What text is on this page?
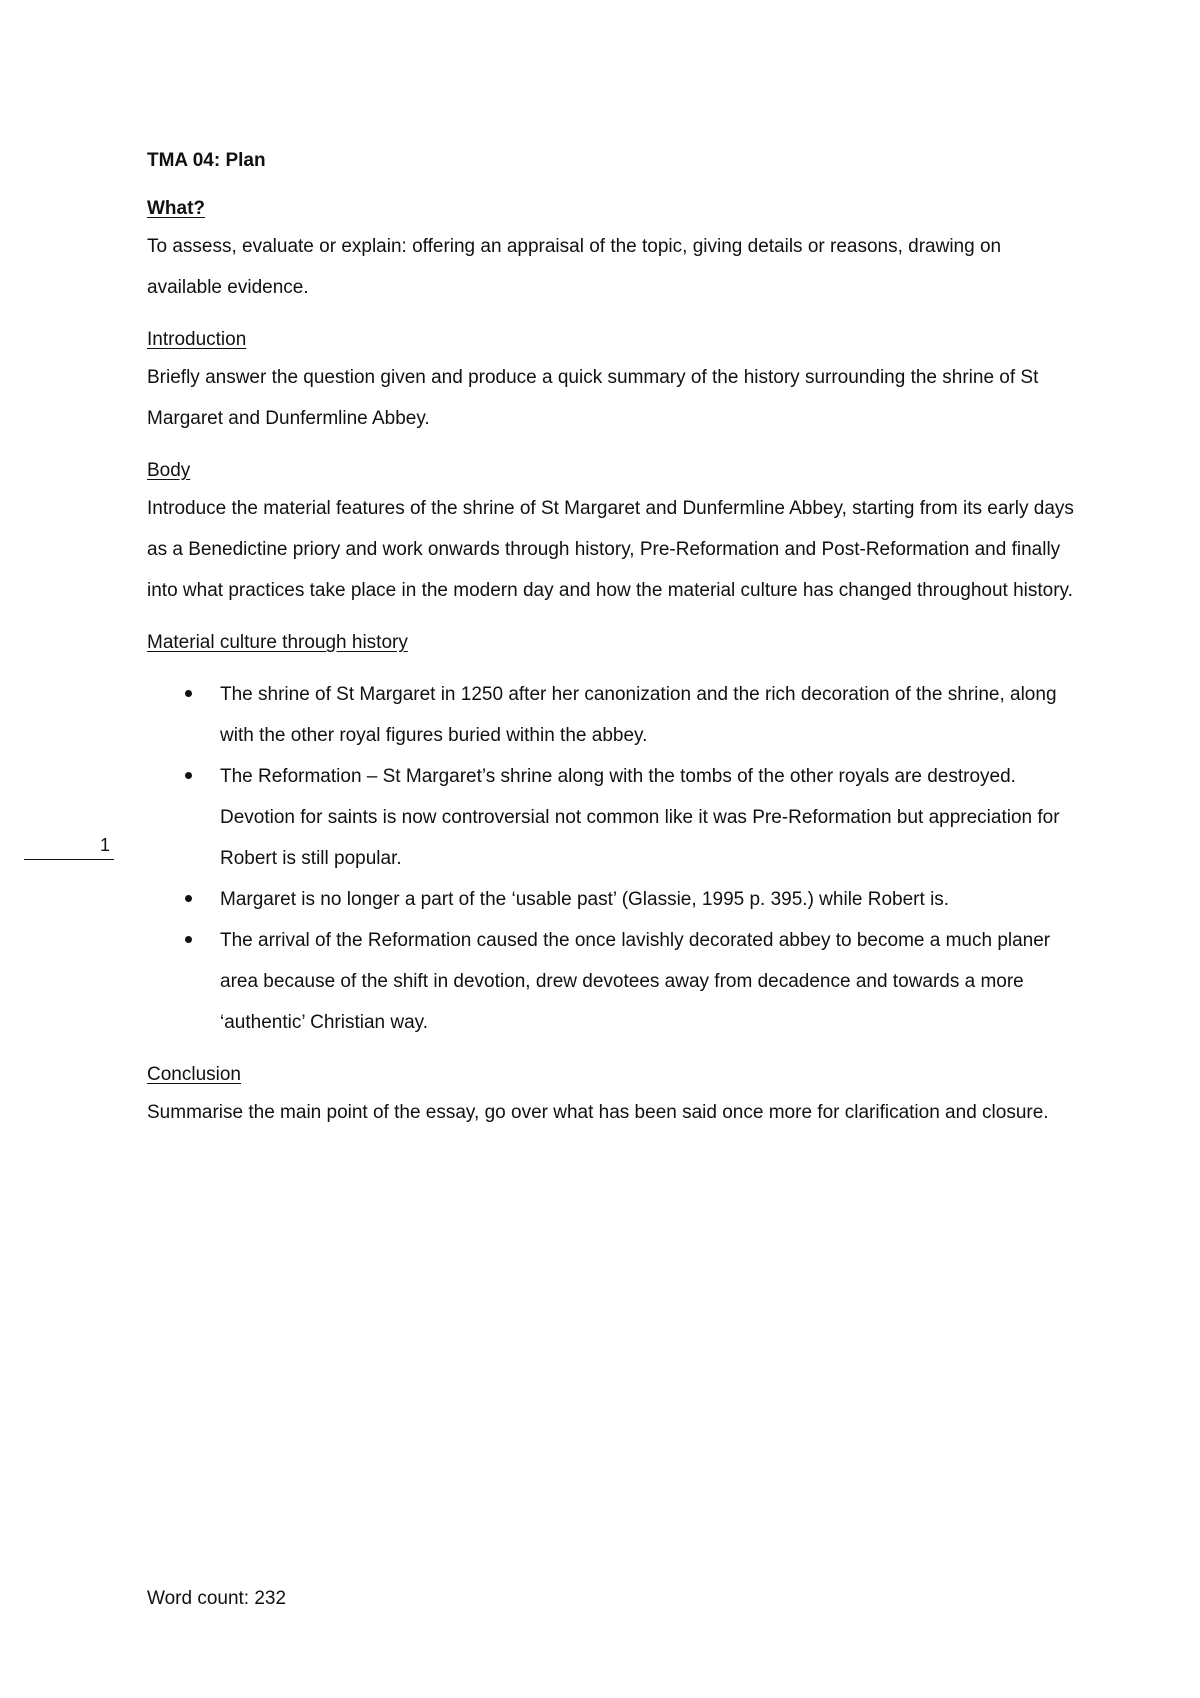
1

TMA 04: Plan

What?

To assess, evaluate or explain: offering an appraisal of the topic, giving details or reasons, drawing on available evidence.

Introduction

Briefly answer the question given and produce a quick summary of the history surrounding the shrine of St Margaret and Dunfermline Abbey.

Body

Introduce the material features of the shrine of St Margaret and Dunfermline Abbey, starting from its early days as a Benedictine priory and work onwards through history, Pre-Reformation and Post-Reformation and finally into what practices take place in the modern day and how the material culture has changed throughout history.

Material culture through history

The shrine of St Margaret in 1250 after her canonization and the rich decoration of the shrine, along with the other royal figures buried within the abbey.
The Reformation – St Margaret’s shrine along with the tombs of the other royals are destroyed. Devotion for saints is now controversial not common like it was Pre-Reformation but appreciation for Robert is still popular.
Margaret is no longer a part of the ‘usable past’ (Glassie, 1995 p. 395.) while Robert is.
The arrival of the Reformation caused the once lavishly decorated abbey to become a much planer area because of the shift in devotion, drew devotees away from decadence and towards a more ‘authentic’ Christian way.

Conclusion

Summarise the main point of the essay, go over what has been said once more for clarification and closure.

Word count: 232
